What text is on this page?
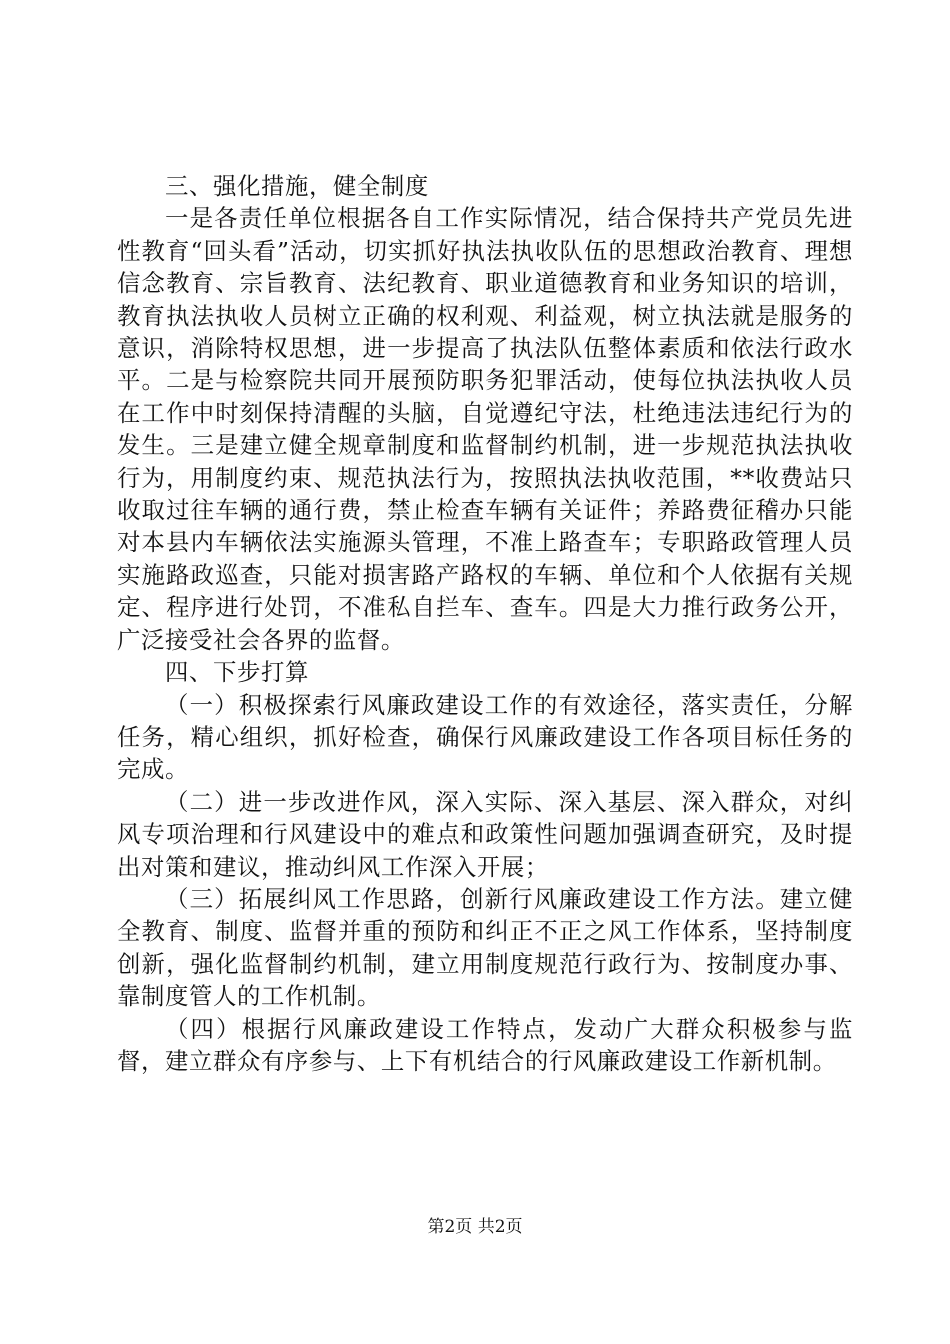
三、强化措施，健全制度

一是各责任单位根据各自工作实际情况，结合保持共产党员先进性教育“回头看”活动，切实抓好执法执收队伍的思想政治教育、理想信念教育、宗旨教育、法纪教育、职业道德教育和业务知识的培训，教育执法执收人员树立正确的权利观、利益观，树立执法就是服务的意识，消除特权思想，进一步提高了执法队伍整体素质和依法行政水平。二是与检察院共同开展预防职务犯罪活动，使每位执法执收人员在工作中时刻保持清醒的头脑，自觉遵纪守法，杜绝违法违纪行为的发生。三是建立健全规章制度和监督制约机制，进一步规范执法执收行为，用制度约束、规范执法行为，按照执法执收范围，**收费站只收取过往车辆的通行费，禁止检查车辆有关证件；养路费征稽办只能对本县内车辆依法实施源头管理，不准上路查车；专职路政管理人员实施路政巡查，只能对损害路产路权的车辆、单位和个人依据有关规定、程序进行处罚，不准私自拦车、查车。四是大力推行政务公开，广泛接受社会各界的监督。

四、下步打算

（一）积极探索行风廉政建设工作的有效途径，落实责任，分解任务，精心组织，抓好检查，确保行风廉政建设工作各项目标任务的完成。

（二）进一步改进作风，深入实际、深入基层、深入群众，对纠风专项治理和行风建设中的难点和政策性问题加强调查研究，及时提出对策和建议，推动纠风工作深入开展；

（三）拓展纠风工作思路，创新行风廉政建设工作方法。建立健全教育、制度、监督并重的预防和纠正不正之风工作体系，坚持制度创新，强化监督制约机制，建立用制度规范行政行为、按制度办事、靠制度管人的工作机制。

（四）根据行风廉政建设工作特点，发动广大群众积极参与监督，建立群众有序参与、上下有机结合的行风廉政建设工作新机制。

第2页 共2页
